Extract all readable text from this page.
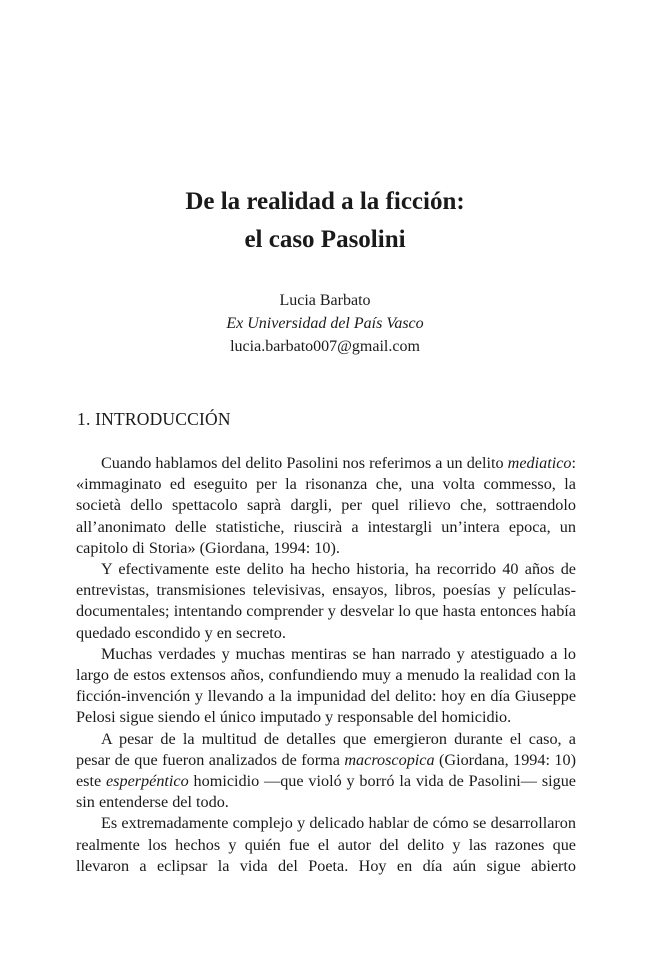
De la realidad a la ficción:
el caso Pasolini
Lucia Barbato
Ex Universidad del País Vasco
lucia.barbato007@gmail.com
1. INTRODUCCIÓN

Cuando hablamos del delito Pasolini nos referimos a un delito mediatico: «immaginato ed eseguito per la risonanza che, una volta commesso, la società dello spettacolo saprà dargli, per quel rilievo che, sottraendolo all’anonimato delle statistiche, riuscirà a intestargli un’intera epoca, un capitolo di Storia» (Giordana, 1994: 10).

Y efectivamente este delito ha hecho historia, ha recorrido 40 años de entrevistas, transmisiones televisivas, ensayos, libros, poesías y películas-documentales; intentando comprender y desvelar lo que hasta entonces había quedado escondido y en secreto.

Muchas verdades y muchas mentiras se han narrado y atestiguado a lo largo de estos extensos años, confundiendo muy a menudo la realidad con la ficción-invención y llevando a la impunidad del delito: hoy en día Giuseppe Pelosi sigue siendo el único imputado y responsable del homicidio.

A pesar de la multitud de detalles que emergieron durante el caso, a pesar de que fueron analizados de forma macroscopica (Giordana, 1994: 10) este esperpéntico homicidio —que violó y borró la vida de Pasolini— sigue sin entenderse del todo.

Es extremadamente complejo y delicado hablar de cómo se desarrollaron realmente los hechos y quién fue el autor del delito y las razones que llevaron a eclipsar la vida del Poeta. Hoy en día aún sigue abierto
